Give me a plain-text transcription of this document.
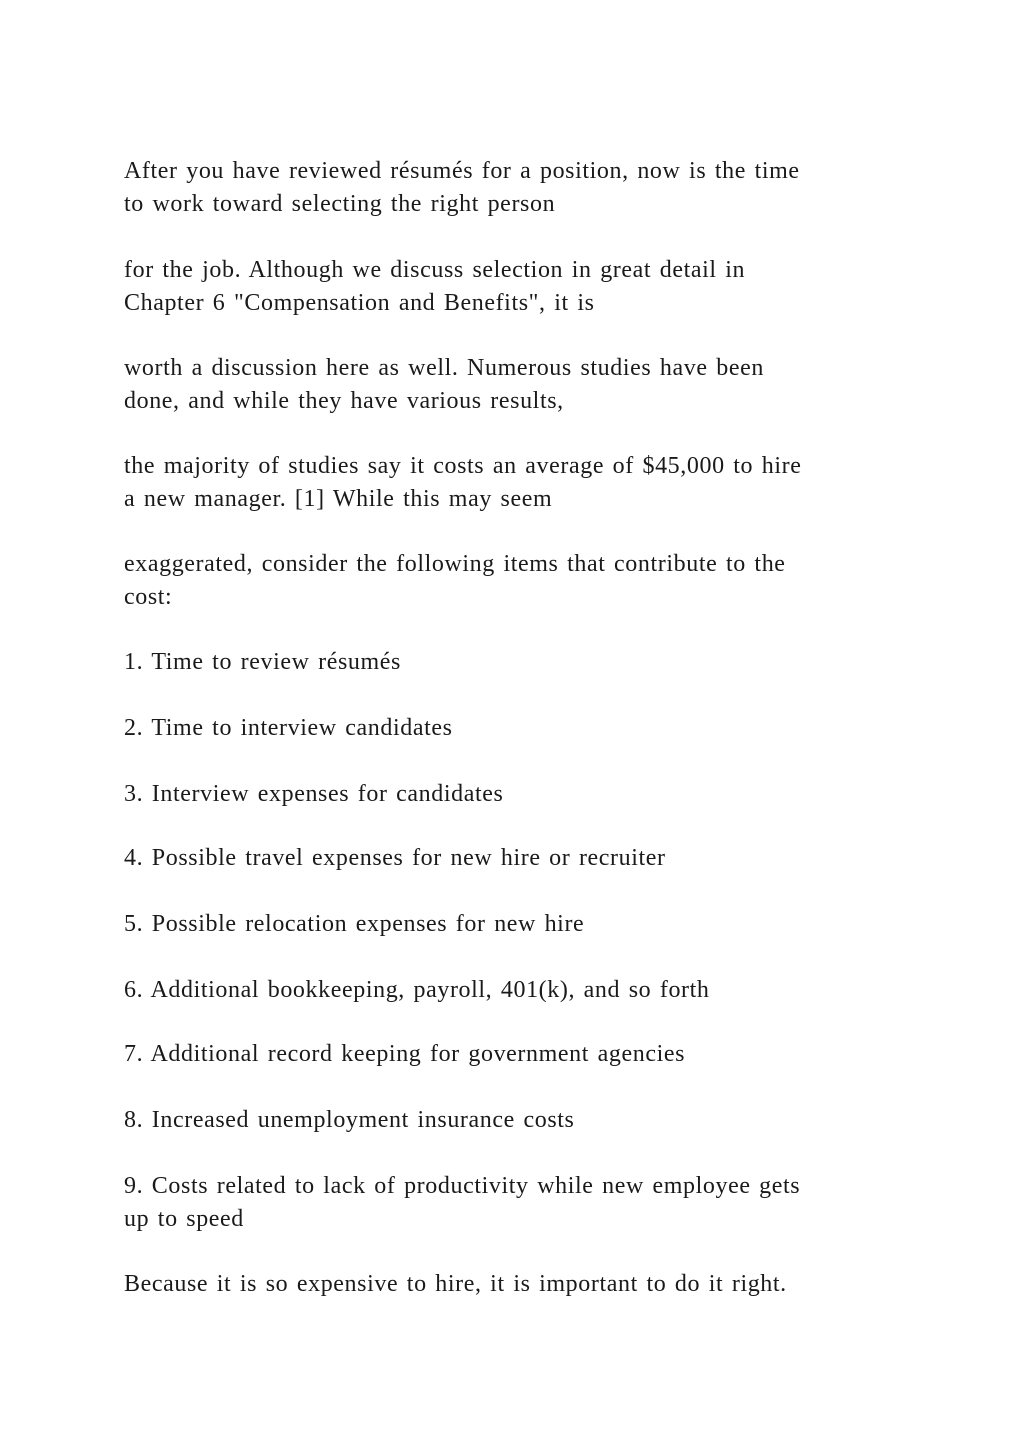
After you have reviewed résumés for a position, now is the time
to work toward selecting the right person
for the job. Although we discuss selection in great detail in
Chapter 6 "Compensation and Benefits", it is
worth a discussion here as well. Numerous studies have been
done, and while they have various results,
the majority of studies say it costs an average of $45,000 to hire
a new manager. [1] While this may seem
exaggerated, consider the following items that contribute to the
cost:
1. Time to review résumés
2. Time to interview candidates
3. Interview expenses for candidates
4. Possible travel expenses for new hire or recruiter
5. Possible relocation expenses for new hire
6. Additional bookkeeping, payroll, 401(k), and so forth
7. Additional record keeping for government agencies
8. Increased unemployment insurance costs
9. Costs related to lack of productivity while new employee gets
up to speed
Because it is so expensive to hire, it is important to do it right.
